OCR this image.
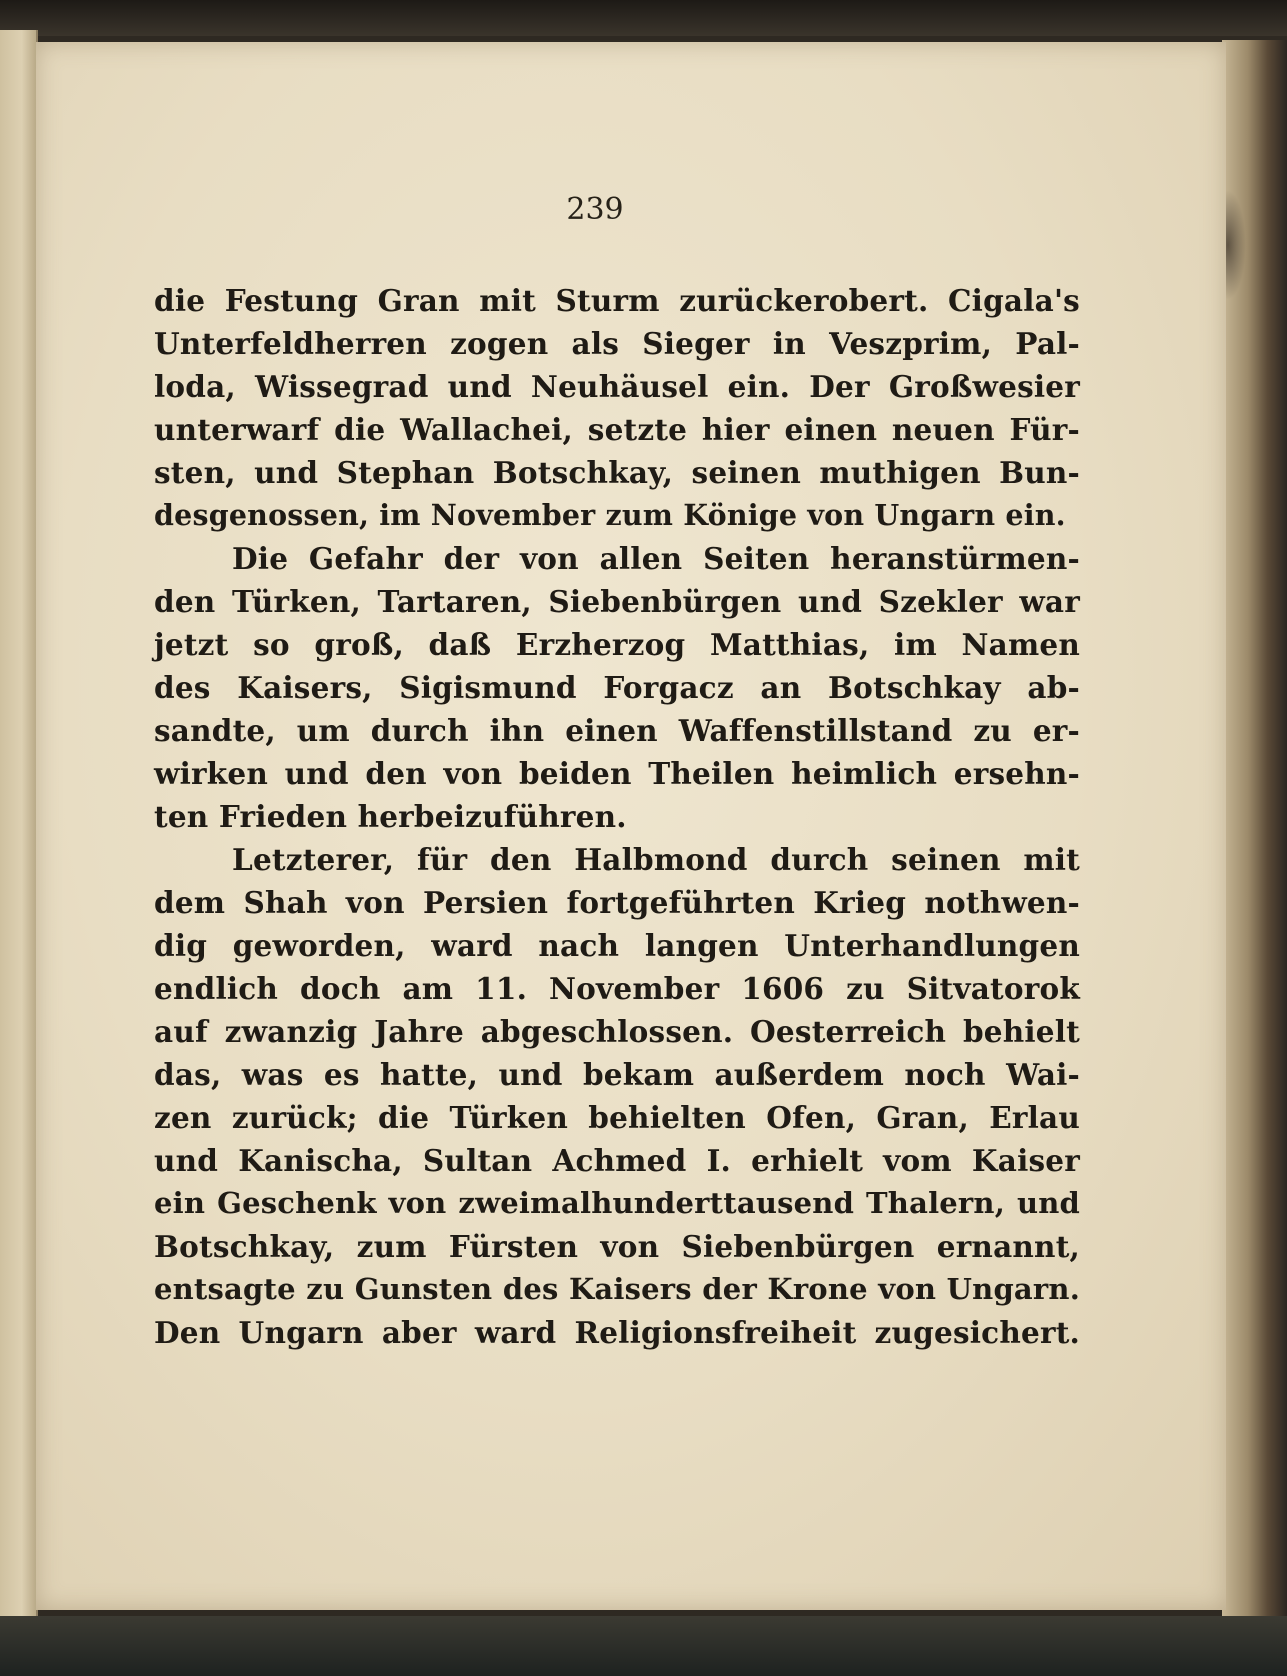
239
die Festung Gran mit Sturm zurückerobert. Cigala's
Unterfeldherren zogen als Sieger in Veszprim, Pal-
loda, Wissegrad und Neuhäusel ein. Der Großwesier
unterwarf die Wallachei, setzte hier einen neuen Für-
sten, und Stephan Botschkay, seinen muthigen Bun-
desgenossen, im November zum Könige von Ungarn ein.
Die Gefahr der von allen Seiten heranstürmen-
den Türken, Tartaren, Siebenbürgen und Szekler war
jetzt so groß, daß Erzherzog Matthias, im Namen
des Kaisers, Sigismund Forgacz an Botschkay ab-
sandte, um durch ihn einen Waffenstillstand zu er-
wirken und den von beiden Theilen heimlich ersehn-
ten Frieden herbeizuführen.
Letzterer, für den Halbmond durch seinen mit
dem Shah von Persien fortgeführten Krieg nothwen-
dig geworden, ward nach langen Unterhandlungen
endlich doch am 11. November 1606 zu Sitvatorok
auf zwanzig Jahre abgeschlossen. Oesterreich behielt
das, was es hatte, und bekam außerdem noch Wai-
zen zurück; die Türken behielten Ofen, Gran, Erlau
und Kanischa, Sultan Achmed I. erhielt vom Kaiser
ein Geschenk von zweimalhunderttausend Thalern, und
Botschkay, zum Fürsten von Siebenbürgen ernannt,
entsagte zu Gunsten des Kaisers der Krone von Ungarn.
Den Ungarn aber ward Religionsfreiheit zugesichert.
